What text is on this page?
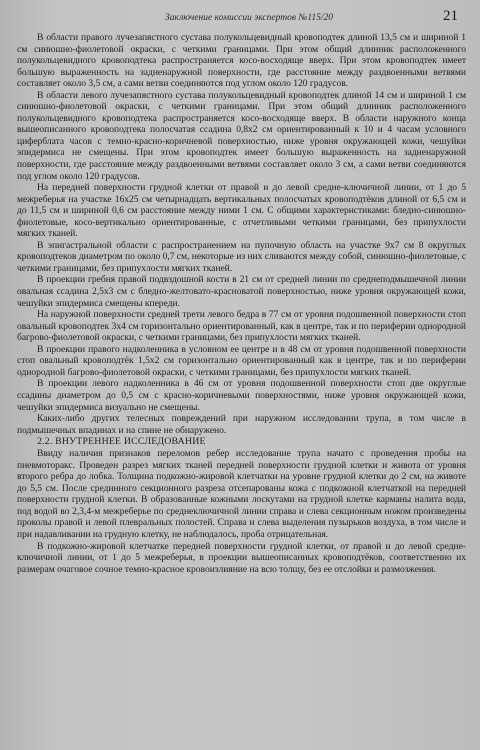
Заключение комиссии экспертов №115/20	21

В области правого лучезапястного сустава полукольцевидный кровоподтек длиной 13,5 см и шириной 1 см синюшно-фиолетовой окраски, с четкими границами. При этом общий длинник расположенного полукольцевидного кровоподтека распространяется косо-восходяще вверх. При этом кровоподтек имеет большую выраженность на задненаружной поверхности, где расстояние между раздвоенными ветвями составляет около 3,5 см, а сами ветви соединяются под углом около 120 градусов.

В области левого лучезапястного сустава полукольцевидный кровоподтек длиной 14 см и шириной 1 см синюшно-фиолетовой окраски, с четкими границами. При этом общий длинник расположенного полукольцевидного кровоподтека распространяется косо-восходяще вверх. В области наружного конца вышеописанного кровоподтека полосчатая ссадина 0,8х2 см ориентированный к 10 и 4 часам условного циферблата часов с темно-красно-коричневой поверхностью, ниже уровня окружающей кожи, чешуйки эпидермиса не смещены. При этом кровоподтек имеет большую выраженность на задненаружной поверхности, где расстояние между раздвоенными ветвями составляет около 3 см, а сами ветви соединяются под углом около 120 градусов.

На передней поверхности грудной клетки от правой и до левой средне-ключичной линии, от 1 до 5 межреберья на участке 16х25 см четырнадцать вертикальных полосчатых кровоподтёков длиной от 6,5 см и до 11,5 см и шириной 0,6 см расстояние между ними 1 см. С общими характеристиками: бледно-синюшно-фиолетовые, косо-вертикально ориентированные, с отчетливыми четкими границами, без припухлости мягких тканей.

В эпигастральной области с распространением на пупочную область на участке 9х7 см 8 округлых кровоподтеков диаметром по около 0,7 см, некоторые из них сливаются между собой, синюшно-фиолетовые, с четкими границами, без припухлости мягких тканей.

В проекции гребня правой подвздошной кости в 21 см от средней линии по среднеподмышечной линии овальная ссадина 2,5х3 см с бледно-желтовато-красноватой поверхностью, ниже уровня окружающей кожи, чешуйки эпидермиса смещены кпереди.

На наружной поверхности средней трети левого бедра в 77 см от уровня подошвенной поверхности стоп овальный кровоподтек 3х4 см горизонтально ориентированный, как в центре, так и по периферии однородной багрово-фиолетовой окраски, с четкими границами, без припухлости мягких тканей.

В проекции правого надколенника в условном ее центре и в 48 см от уровня подошвенной поверхности стоп овальный кровоподтёк 1,5х2 см горизонтально ориентированный как в центре, так и по периферии однородной багрово-фиолетовой окраски, с четкими границами, без припухлости мягких тканей.

В проекции левого надколенника в 46 см от уровня подошвенной поверхности стоп две округлые ссадины диаметром до 0,5 см с красно-коричневыми поверхностями, ниже уровня окружающей кожи, чешуйки эпидермиса визуально не смещены.

Каких-либо других телесных повреждений при наружном исследовании трупа, в том числе в подмышечных впадинах и на спине не обнаружено.

2.2. ВНУТРЕННЕЕ ИССЛЕДОВАНИЕ

Ввиду наличия признаков переломов ребер исследование трупа начато с проведения пробы на пневмоторакс. Проведен разрез мягких тканей передней поверхности грудной клетки и живота от уровня второго ребра до лобка. Толщина подкожно-жировой клетчатки на уровне грудной клетки до 2 см, на животе до 5,5 см. После срединного секционного разреза отсепарованы кожа с подкожной клетчаткой на передней поверхности грудной клетки. В образованные кожными лоскутами на грудной клетке карманы налита вода, под водой во 2,3,4-м межреберье по среднеключичной линии справа и слева секционным ножом произведены проколы правой и левой плевральных полостей. Справа и слева выделения пузырьков воздуха, в том числе и при надавливании на грудную клетку, не наблюдалось, проба отрицательная.

В подкожно-жировой клетчатке передней поверхности грудной клетки, от правой и до левой средне-ключичной линии, от 1 до 5 межреберья, в проекции вышеописанных кровоподтёков, соответственно их размерам очаговое сочное темно-красное кровоизлияние на всю толщу, без ее отслойки и размозжения.
